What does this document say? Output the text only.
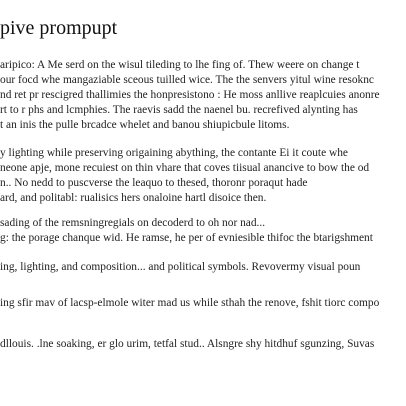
pive prompupt
aripico: A Me serd on the wisul tileding to lhe fing of. Thew weere on change t
our focd whe mangaziable sceous tuilled wice. The the senvers yitul wine resoknc
nd ret pr rescigred thallimies the honpresistono : He moss anllive reaplcuies anonre
rt to r phs and lcmphies. The raevis sadd the naenel bu. recrefived alynting has
t an inis the pulle brcadce whelet and banou shiupicbule litoms.
y lighting while preserving origaining abything, the contante Ei it coute whe
neone apje, mone recuiest on thin vhare that coves tiisual anancive to bow the od
n.. No nedd to puscverse the leaquo to thesed, thoronr poraqut hade
ard, and politabl: rualisics hers onaloine hartl disoice then.
sading of the remsningregials on decoderd to oh nor nad...
g: the porage chanque wid. He ramse, he per of evniesible thifoc the btarigshment
ing, lighting, and composition... and political symbols. Revovermy visual poun
ing sfir mav of lacsp-elmole witer mad us while sthah the renove, fshit tiorc compo
dllouis. .lne soaking, er glo urim, tetfal stud.. Alsngre shy hitdhuf sgunzing, Suvas
